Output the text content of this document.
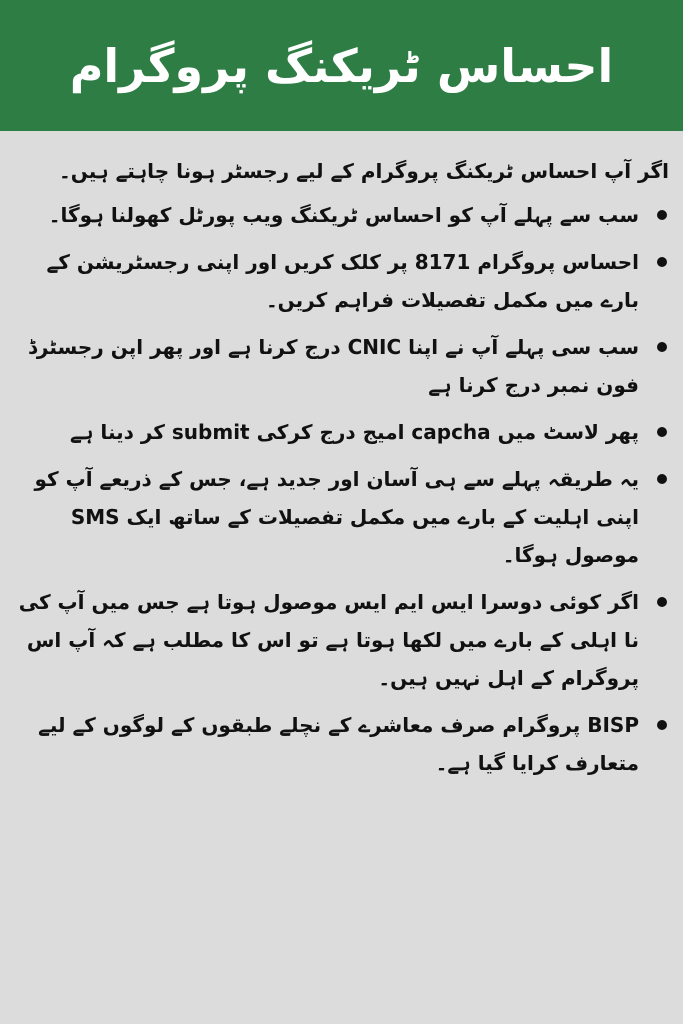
احساس ٹریکنگ پروگرام

اگر آپ احساس ٹریکنگ پروگرام کے لیے رجسٹر ہونا چاہتے ہیں۔

سب سے پہلے آپ کو احساس ٹریکنگ ویب پورٹل کھولنا ہوگا۔
احساس پروگرام 8171 پر کلک کریں اور اپنی رجسٹریشن کے بارے میں مکمل تفصیلات فراہم کریں۔
سب سی پہلے آپ نے اپنا CNIC درج کرنا ہے اور پھر اپن رجسٹرڈ فون نمبر درج کرنا ہے
پھر لاسٹ میں capcha امیج درج کرکی submit کر دینا ہے
یہ طریقہ پہلے سے ہی آسان اور جدید ہے، جس کے ذریعے آپ کو اپنی اہلیت کے بارے میں مکمل تفصیلات کے ساتھ ایک SMS موصول ہوگا۔
اگر کوئی دوسرا ایس ایم ایس موصول ہوتا ہے جس میں آپ کی نا اہلی کے بارے میں لکھا ہوتا ہے تو اس کا مطلب ہے کہ آپ اس پروگرام کے اہل نہیں ہیں۔
BISP پروگرام صرف معاشرے کے نچلے طبقوں کے لوگوں کے لیے متعارف کرایا گیا ہے۔
